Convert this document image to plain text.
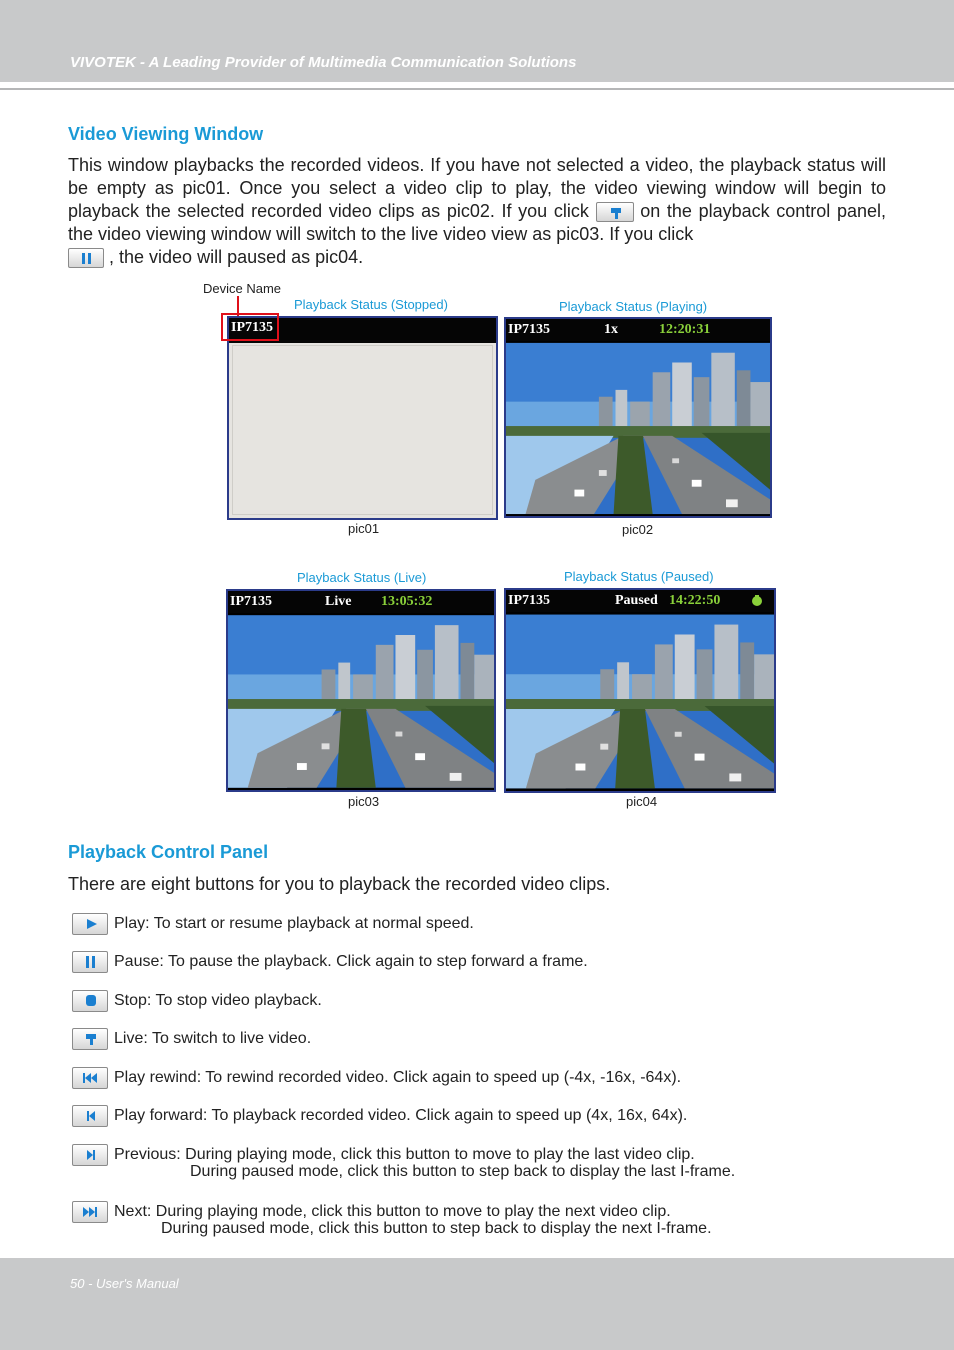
VIVOTEK - A Leading Provider of Multimedia Communication Solutions
Video Viewing Window
This window playbacks the recorded videos. If you have not selected a video, the playback status will be empty as pic01. Once you select a video clip to play, the video viewing window will begin to playback the selected recorded video clips as pic02. If you click	on the playback control panel, the video viewing window will switch to the live video view as pic03. If you click

, the video will paused as pic04.
Device Name
Playback Status (Stopped)	Playback Status (Playing)
IP7135	IP7135	1x	12:20:31
pic01	pic02
Playback Status (Live)	Playback Status (Paused)
IP7135	Live 13:05:32	IP7135	Paused 14:22:50
pic03	pic04
Playback Control Panel
There are eight buttons for you to playback the recorded video clips.
Play: To start or resume playback at normal speed.
Pause: To pause the playback. Click again to step forward a frame.
Stop: To stop video playback.
Live: To switch to live video.
Play rewind: To rewind recorded video. Click again to speed up (-4x, -16x, -64x).
Play forward: To playback recorded video. Click again to speed up (4x, 16x, 64x).
Previous: During playing mode, click this button to move to play the last video clip.
During paused mode, click this button to step back to display the last I-frame.
Next: During playing mode, click this button to move to play the next video clip.
During paused mode, click this button to step back to display the next I-frame.
50 - User's Manual
